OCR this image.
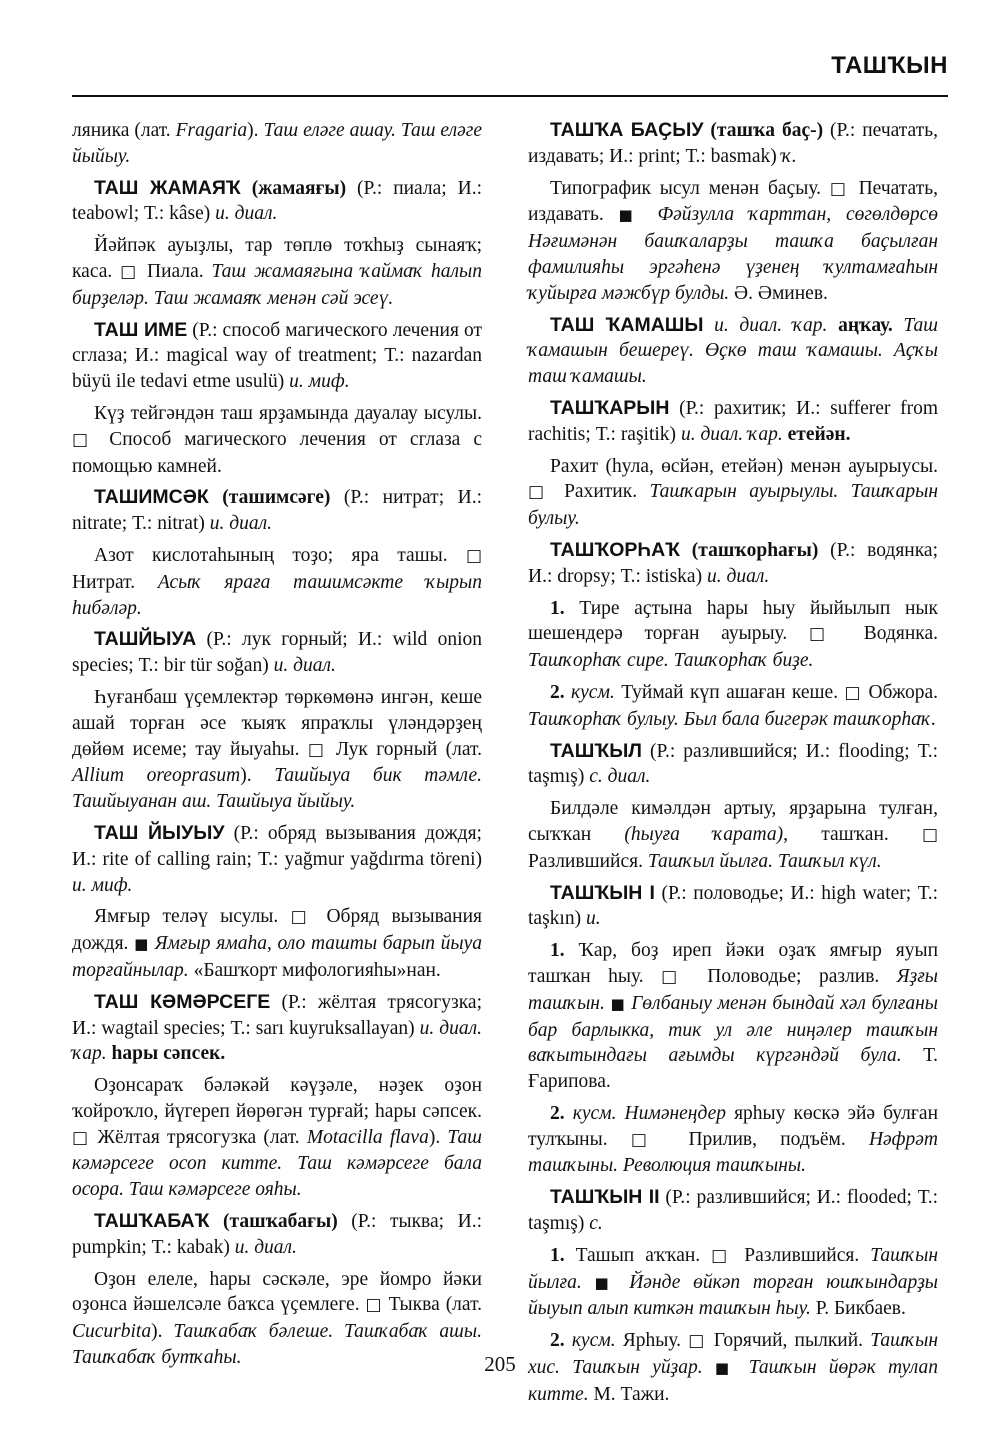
ТАШҠЫН

ляника (лат. Fragaria). Таш еләге ашау. Таш еләге йыйыу.

ТАШ ЖАМАЯҠ (жамаяғы) (Р.: пиала; И.: teabowl; Т.: kâse) и. диал.

Йәйпәк ауыҙлы, тар төплө тоҡһыҙ сынаяҡ; каса. □ Пиала. Таш жамаяғына ҡаймаҡ һалып бирҙеләр. Таш жамаяҡ менән сәй эсеү.

ТАШ ИМЕ (Р.: способ магического лечения от сглаза; И.: magical way of treatment; Т.: nazardan büyü ile tedavi etme usulü) и. миф.

Күҙ тейгәндән таш ярҙамында дауалау ысулы. □ Способ магического лечения от сглаза с помощью камней.

ТАШИМСӘК (ташимсәге) (Р.: нитрат; И.: nitrate; Т.: nitrat) и. диал.

Азот кислотаһының тоҙо; яра ташы. □ Нитрат. Асыҡ яраға ташимсәкте ҡырып һибәләр.

ТАШЙЫУА (Р.: лук горный; И.: wild onion species; Т.: bir tür soğan) и. диал.

Һуғанбаш үҫемлектәр төркөмөнә ингән, кеше ашай торған әсе ҡыяҡ япраҡлы үләндәрҙең дөйөм исеме; тау йыуаһы. □ Лук горный (лат. Allium oreoprasum). Ташйыуа бик тәмле. Ташйыуанан аш. Ташйыуа йыйыу.

ТАШ ЙЫУЫУ (Р.: обряд вызывания дождя; И.: rite of calling rain; Т.: yağmur yağdırma töreni) и. миф.

Ямғыр теләү ысулы. □ Обряд вызывания дождя. ■ Ямғыр ямаһа, оло ташты барып йыуа торғайнылар. «Башҡорт мифологияһы»нан.

ТАШ КӘМӘРСЕГЕ (Р.: жёлтая трясогузка; И.: wagtail species; Т.: sarı kuyruksallayan) и. диал. ҡар. һары сәпсек.

Оҙонсараҡ бәләкәй кәүҙәле, нәҙек оҙон ҡойроҡло, йүгереп йөрөгән турғай; һары сәпсек. □ Жёлтая трясогузка (лат. Motacilla flava). Таш кәмәрсеге осоп китте. Таш кәмәрсеге бала осора. Таш кәмәрсеге ояһы.

ТАШҠАБАҠ (ташҡабағы) (Р.: тыква; И.: pumpkin; Т.: kabak) и. диал.

Оҙон елеле, һары сәскәле, эре йомро йәки оҙонса йәшелсәле баҡса үҫемлеге. □ Тыква (лат. Cucurbita). Ташҡабаҡ бәлеше. Ташҡабаҡ ашы. Ташҡабаҡ бутҡаһы.

ТАШҠА БАҪЫУ (ташҡа баҫ-) (Р.: печатать, издавать; И.: print; Т.: basmak) ҡ.

Типографик ысул менән баҫыу. □ Печатать, издавать. ■ Фәйзулла ҡарттан, сөгөлдөрсө Нәғимәнән башҡаларҙы ташҡа баҫылған фамилияһы эргәһенә үҙенең ҡултамғаһын ҡуйырға мәжбүр булды. Ә. Әминев.

ТАШ ҠАМАШЫ и. диал. ҡар. аңҡау. Таш ҡамашын бешереү. Өҫкө таш ҡамашы. Аҫҡы таш ҡамашы.

ТАШҠАРЫН (Р.: рахитик; И.: sufferer from rachitis; Т.: raşitik) и. диал. ҡар. етейән.

Рахит (һула, өсйән, етейән) менән ауырыусы. □ Рахитик. Ташҡарын ауырыулы. Ташҡарын булыу.

ТАШҠОРҺАҠ (ташҡорһағы) (Р.: водянка; И.: dropsy; Т.: istiska) и. диал.

1. Тире аҫтына һары һыу йыйылып нык шешендерә торған ауырыу. □ Водянка. Ташҡорһаҡ сире. Ташҡорһаҡ биҙе.

2. кусм. Туймай күп ашаған кеше. □ Обжора. Ташҡорһаҡ булыу. Был бала бигерәк ташҡорһаҡ.

ТАШҠЫЛ (Р.: разлившийся; И.: flooding; Т.: taşmış) с. диал.

Билдәле кимәлдән артыу, ярҙарына тулған, сыҡҡан (һыуға ҡарата), ташҡан. □ Разлившийся. Ташҡыл йылға. Ташҡыл күл.

ТАШҠЫН I (Р.: половодье; И.: high water; Т.: taşkın) и.

1. Ҡар, боҙ иреп йәки оҙаҡ ямғыр яуып ташҡан һыу. □ Половодье; разлив. Яҙғы ташҡын. ■ Гөлбаныу менән бындай хәл булғаны бар барлыкка, тик ул әле ниңәлер ташҡын ваҡытындағы ағымды күргәндәй була. Т. Ғарипова.

2. кусм. Нимәнеңдер ярһыу көскә эйә булған тулҡыны. □ Прилив, подъём. Нәфрәт ташҡыны. Революция ташҡыны.

ТАШҠЫН II (Р.: разлившийся; И.: flooded; Т.: taşmış) с.

1. Ташып аҡҡан. □ Разлившийся. Ташҡын йылға. ■ Йәнде өйкәп торған юшҡындарҙы йыуып алып киткән ташҡын һыу. Р. Бикбаев.

2. кусм. Ярһыу. □ Горячий, пылкий. Ташҡын хис. Ташҡын уйҙар. ■ Ташҡын йөрәк тулап китте. М. Тажи.

205
